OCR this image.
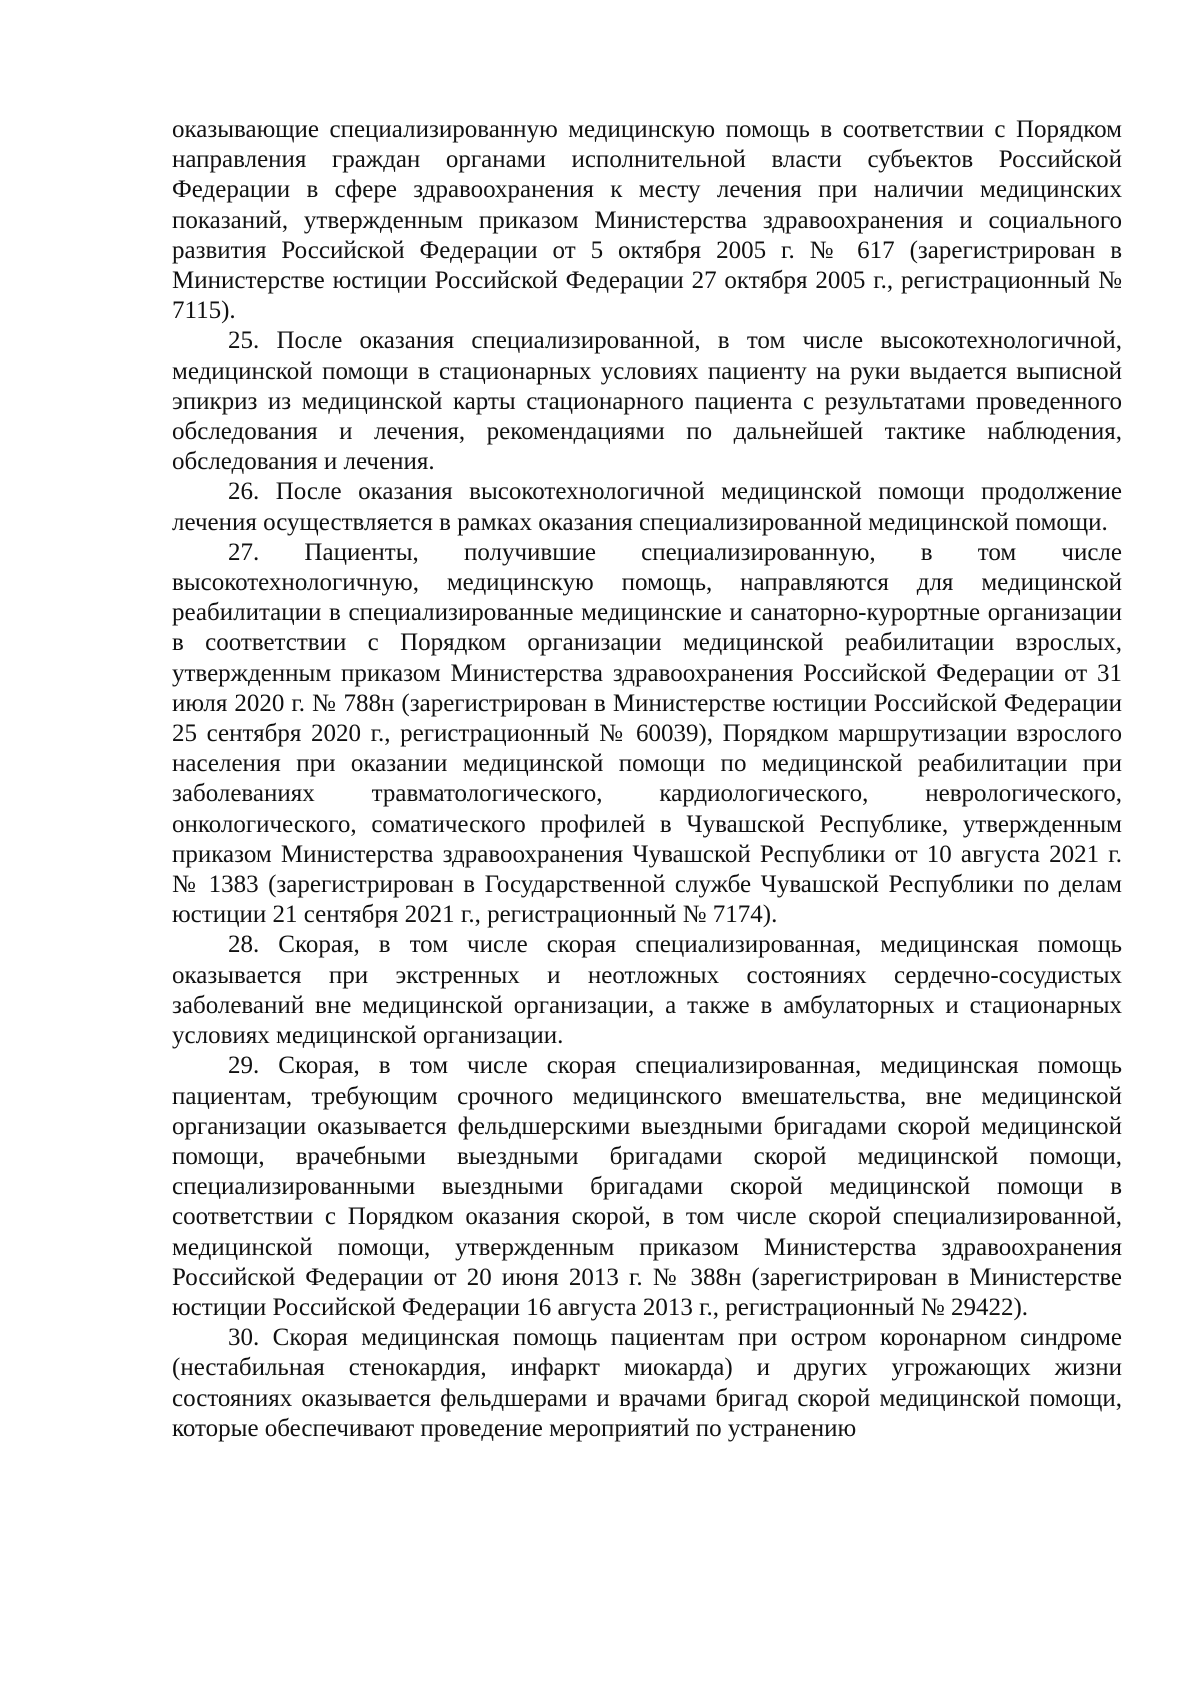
оказывающие специализированную медицинскую помощь в соответствии с Порядком направления граждан органами исполнительной власти субъектов Российской Федерации в сфере здравоохранения к месту лечения при наличии медицинских показаний, утвержденным приказом Министерства здравоохранения и социального развития Российской Федерации от 5 октября 2005 г. № 617 (зарегистрирован в Министерстве юстиции Российской Федерации 27 октября 2005 г., регистрационный № 7115).

25. После оказания специализированной, в том числе высокотехнологичной, медицинской помощи в стационарных условиях пациенту на руки выдается выписной эпикриз из медицинской карты стационарного пациента с результатами проведенного обследования и лечения, рекомендациями по дальнейшей тактике наблюдения, обследования и лечения.

26. После оказания высокотехнологичной медицинской помощи продолжение лечения осуществляется в рамках оказания специализированной медицинской помощи.

27. Пациенты, получившие специализированную, в том числе высокотехнологичную, медицинскую помощь, направляются для медицинской реабилитации в специализированные медицинские и санаторно-курортные организации в соответствии с Порядком организации медицинской реабилитации взрослых, утвержденным приказом Министерства здравоохранения Российской Федерации от 31 июля 2020 г. № 788н (зарегистрирован в Министерстве юстиции Российской Федерации 25 сентября 2020 г., регистрационный № 60039), Порядком маршрутизации взрослого населения при оказании медицинской помощи по медицинской реабилитации при заболеваниях травматологического, кардиологического, неврологического, онкологического, соматического профилей в Чувашской Республике, утвержденным приказом Министерства здравоохранения Чувашской Республики от 10 августа 2021 г. № 1383 (зарегистрирован в Государственной службе Чувашской Республики по делам юстиции 21 сентября 2021 г., регистрационный № 7174).

28. Скорая, в том числе скорая специализированная, медицинская помощь оказывается при экстренных и неотложных состояниях сердечно-сосудистых заболеваний вне медицинской организации, а также в амбулаторных и стационарных условиях медицинской организации.

29. Скорая, в том числе скорая специализированная, медицинская помощь пациентам, требующим срочного медицинского вмешательства, вне медицинской организации оказывается фельдшерскими выездными бригадами скорой медицинской помощи, врачебными выездными бригадами скорой медицинской помощи, специализированными выездными бригадами скорой медицинской помощи в соответствии с Порядком оказания скорой, в том числе скорой специализированной, медицинской помощи, утвержденным приказом Министерства здравоохранения Российской Федерации от 20 июня 2013 г. № 388н (зарегистрирован в Министерстве юстиции Российской Федерации 16 августа 2013 г., регистрационный № 29422).

30. Скорая медицинская помощь пациентам при остром коронарном синдроме (нестабильная стенокардия, инфаркт миокарда) и других угрожающих жизни состояниях оказывается фельдшерами и врачами бригад скорой медицинской помощи, которые обеспечивают проведение мероприятий по устранению
